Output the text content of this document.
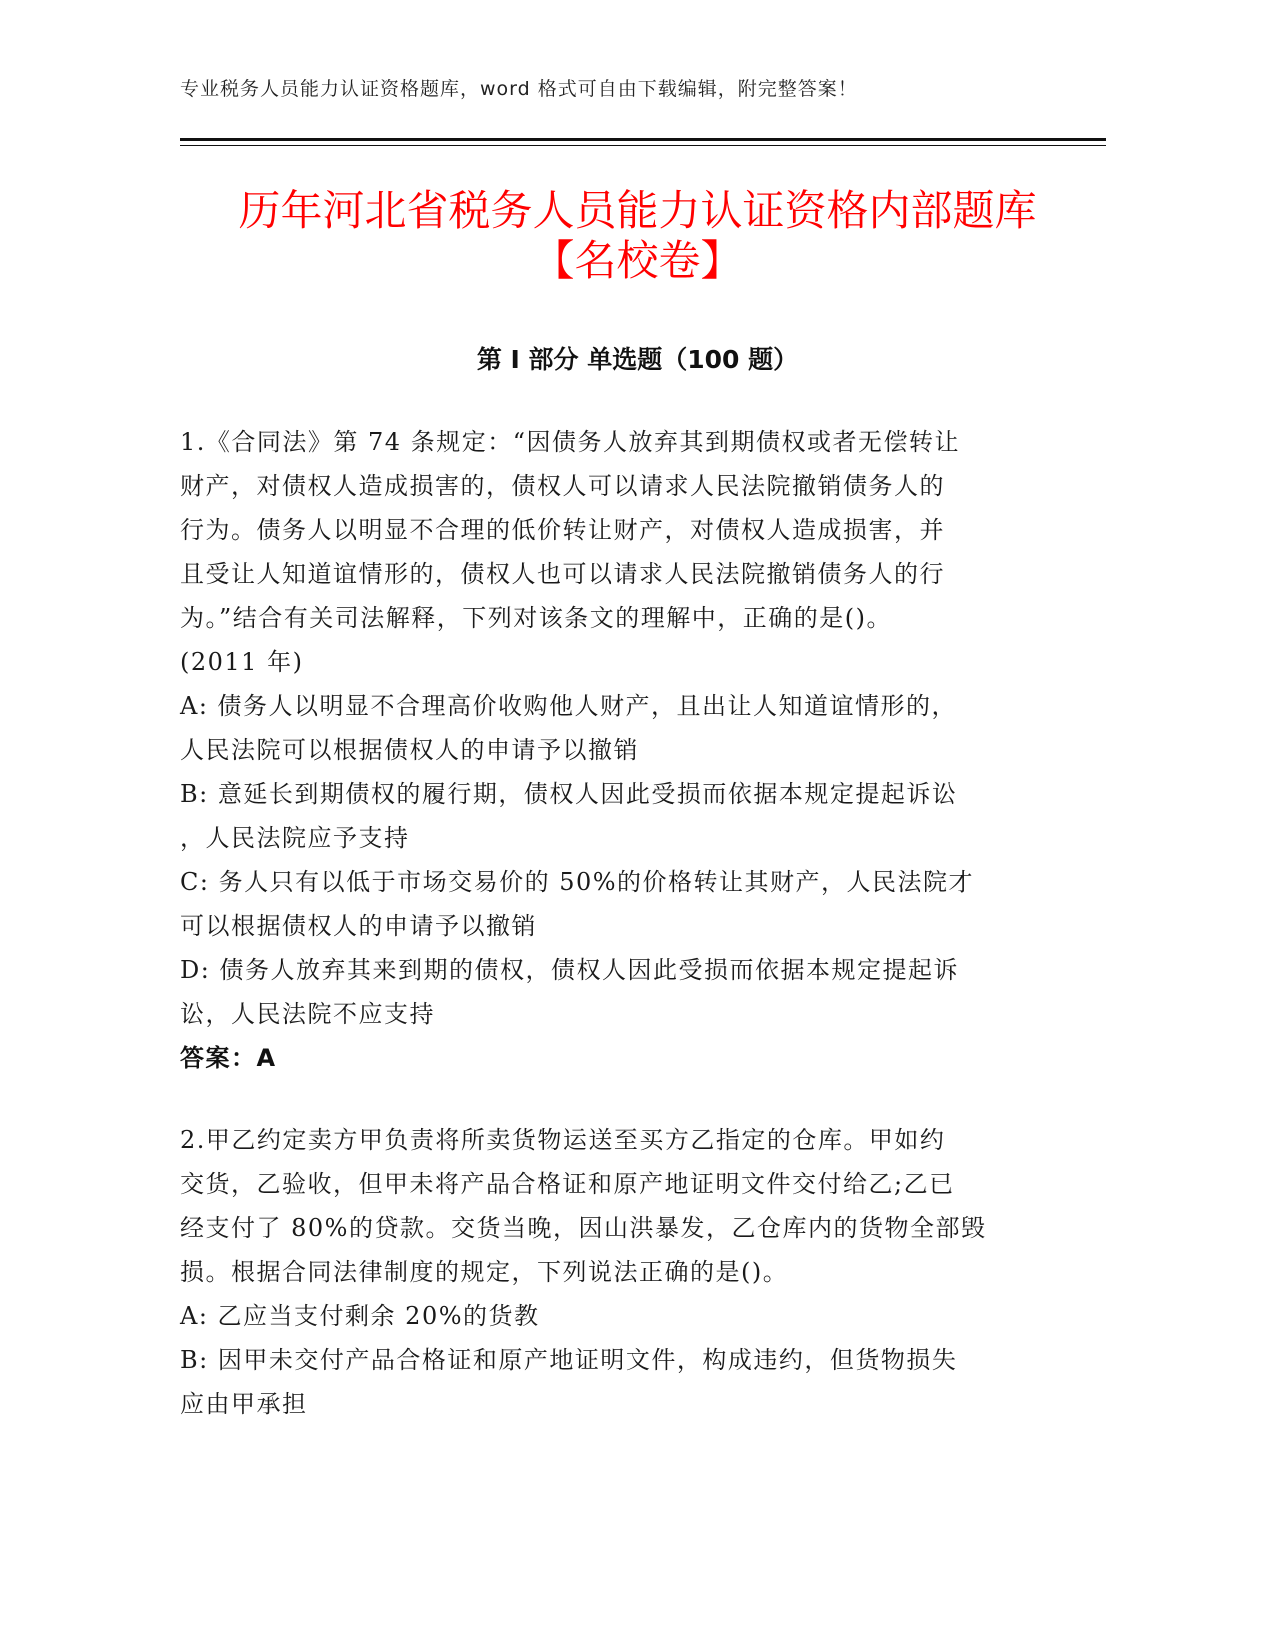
专业税务人员能力认证资格题库，word 格式可自由下载编辑，附完整答案！
历年河北省税务人员能力认证资格内部题库
【名校卷】
第 I 部分 单选题（100 题）
1.《合同法》第 74 条规定：“因债务人放弃其到期债权或者无偿转让
财产，对债权人造成损害的，债权人可以请求人民法院撤销债务人的
行为。债务人以明显不合理的低价转让财产，对债权人造成损害，并
且受让人知道谊情形的，债权人也可以请求人民法院撤销债务人的行
为。”结合有关司法解释，下列对该条文的理解中，正确的是()。
(2011 年)
A: 债务人以明显不合理高价收购他人财产，且出让人知道谊情形的，
人民法院可以根据债权人的申请予以撤销
B: 意延长到期债权的履行期，债权人因此受损而依据本规定提起诉讼
，人民法院应予支持
C: 务人只有以低于市场交易价的 50%的价格转让其财产，人民法院才
可以根据债权人的申请予以撤销
D: 债务人放弃其来到期的债权，债权人因此受损而依据本规定提起诉
讼，人民法院不应支持
答案：A
2.甲乙约定卖方甲负责将所卖货物运送至买方乙指定的仓库。甲如约
交货，乙验收，但甲未将产品合格证和原产地证明文件交付给乙;乙已
经支付了 80%的贷款。交货当晚，因山洪暴发，乙仓库内的货物全部毁
损。根据合同法律制度的规定，下列说法正确的是()。
A: 乙应当支付剩余 20%的货教
B: 因甲未交付产品合格证和原产地证明文件，构成违约，但货物损失
应由甲承担
